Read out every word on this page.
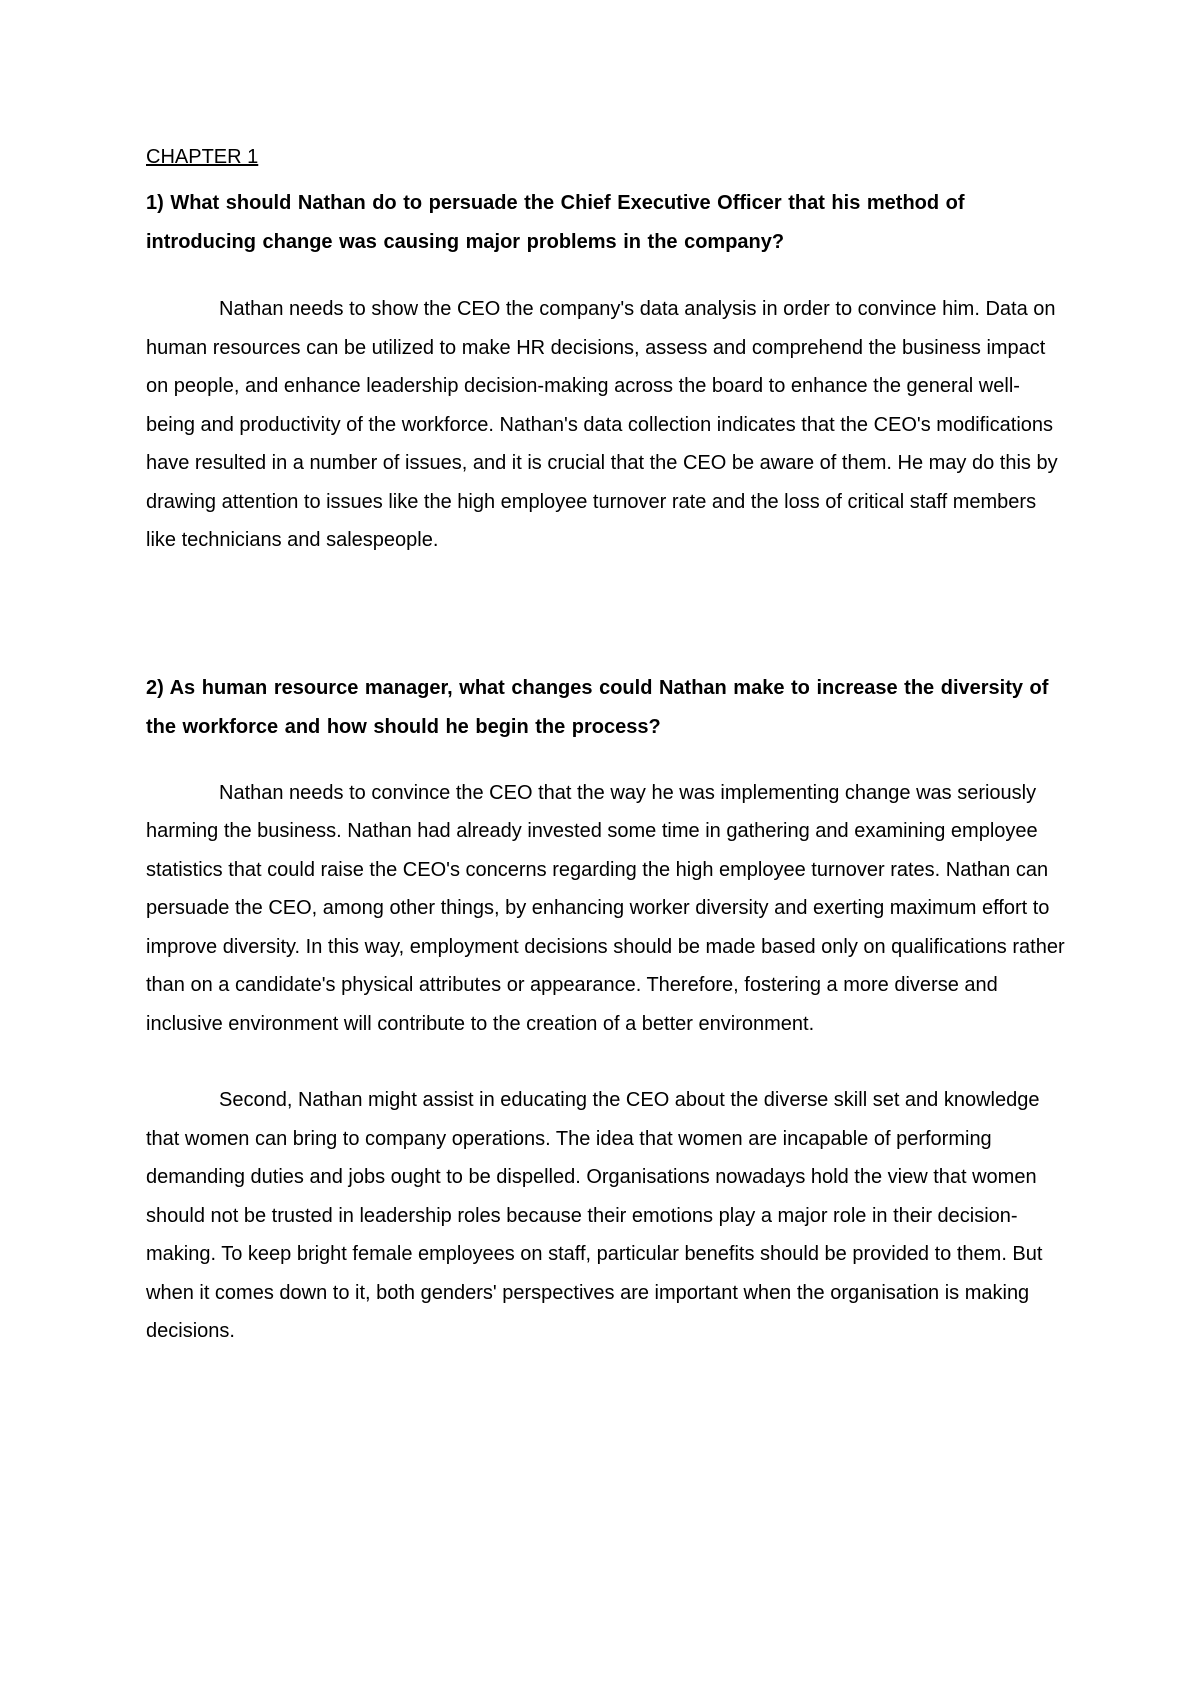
CHAPTER 1

1) What should Nathan do to persuade the Chief Executive Officer that his method of introducing change was causing major problems in the company?

Nathan needs to show the CEO the company's data analysis in order to convince him. Data on human resources can be utilized to make HR decisions, assess and comprehend the business impact on people, and enhance leadership decision-making across the board to enhance the general well-being and productivity of the workforce. Nathan's data collection indicates that the CEO's modifications have resulted in a number of issues, and it is crucial that the CEO be aware of them. He may do this by drawing attention to issues like the high employee turnover rate and the loss of critical staff members like technicians and salespeople.

2) As human resource manager, what changes could Nathan make to increase the diversity of the workforce and how should he begin the process?

Nathan needs to convince the CEO that the way he was implementing change was seriously harming the business. Nathan had already invested some time in gathering and examining employee statistics that could raise the CEO's concerns regarding the high employee turnover rates. Nathan can persuade the CEO, among other things, by enhancing worker diversity and exerting maximum effort to improve diversity. In this way, employment decisions should be made based only on qualifications rather than on a candidate's physical attributes or appearance. Therefore, fostering a more diverse and inclusive environment will contribute to the creation of a better environment.

Second, Nathan might assist in educating the CEO about the diverse skill set and knowledge that women can bring to company operations. The idea that women are incapable of performing demanding duties and jobs ought to be dispelled. Organisations nowadays hold the view that women should not be trusted in leadership roles because their emotions play a major role in their decision-making. To keep bright female employees on staff, particular benefits should be provided to them. But when it comes down to it, both genders' perspectives are important when the organisation is making decisions.
